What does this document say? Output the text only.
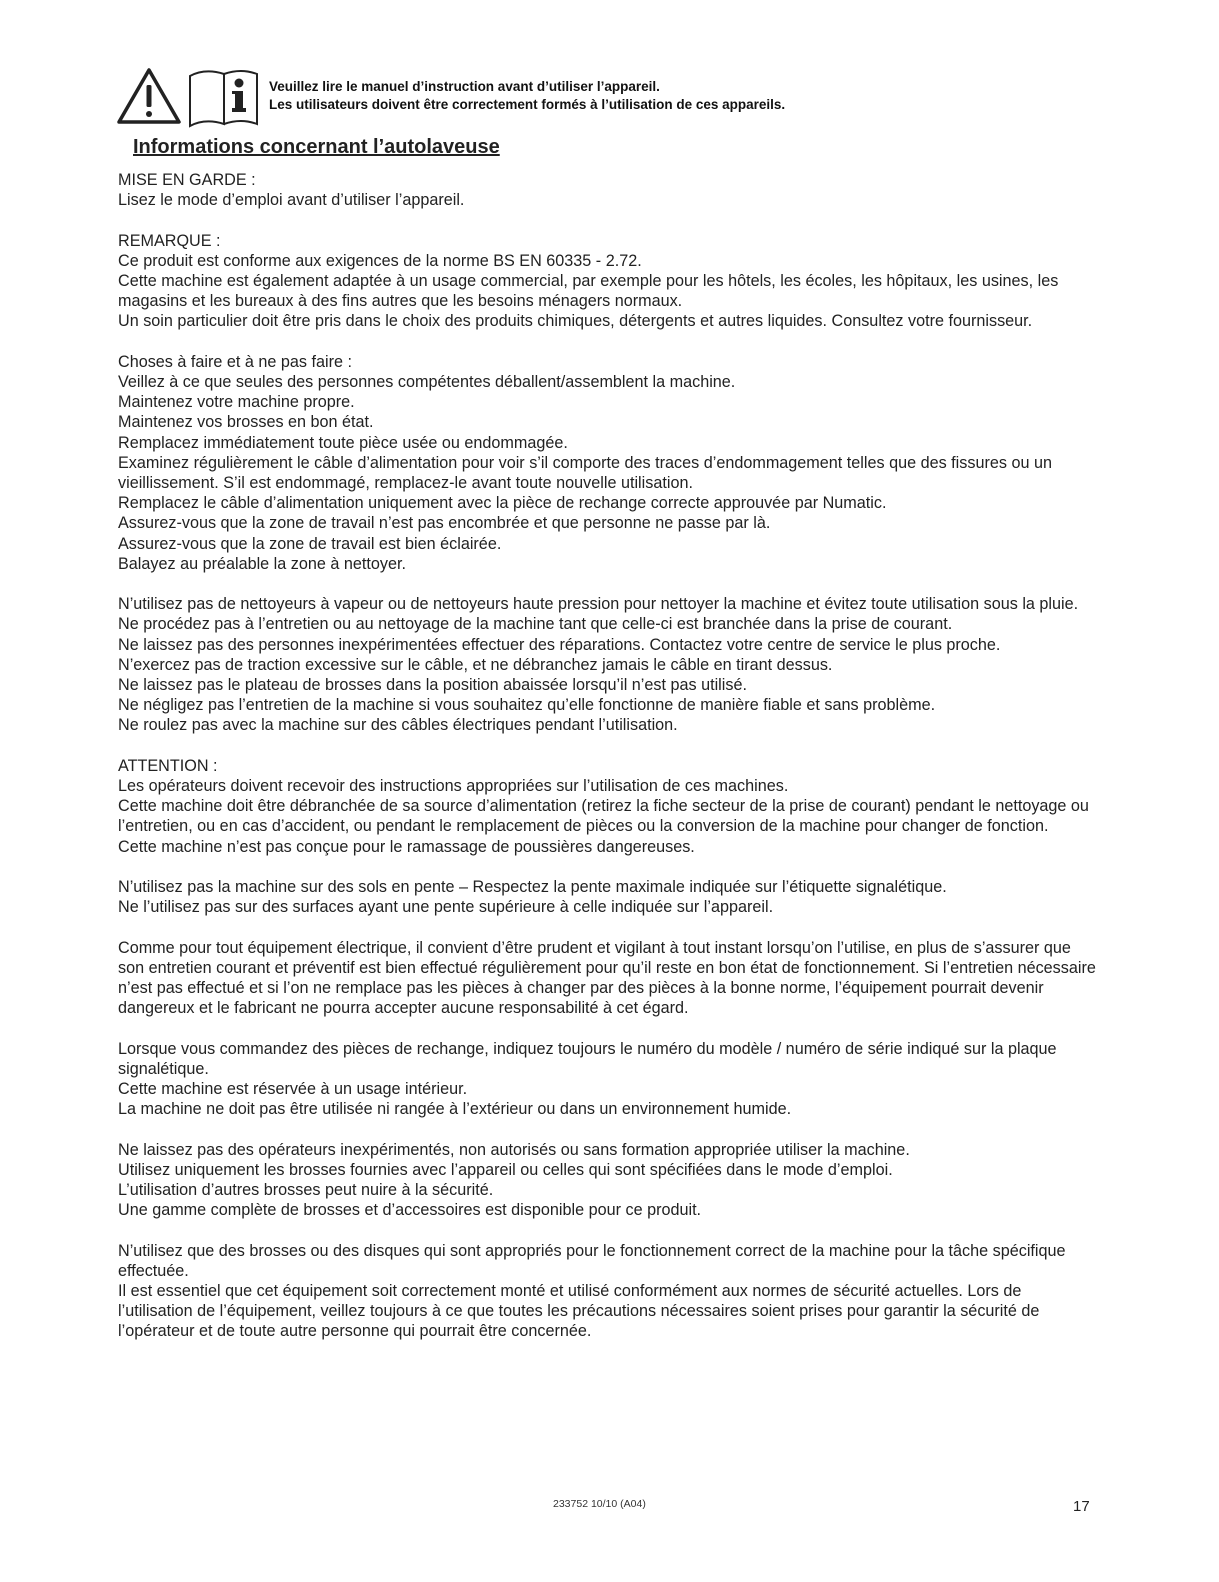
Veuillez lire le manuel d’instruction avant d’utiliser l’appareil.
Les utilisateurs doivent être correctement formés à l’utilisation de ces appareils.
Informations concernant l’autolaveuse

MISE EN GARDE :
Lisez le mode d’emploi avant d’utiliser l’appareil.

REMARQUE :
Ce produit est conforme aux exigences de la norme BS EN 60335 - 2.72.
Cette machine est également adaptée à un usage commercial, par exemple pour les hôtels, les écoles, les hôpitaux, les usines, les magasins et les bureaux à des fins autres que les besoins ménagers normaux.
Un soin particulier doit être pris dans le choix des produits chimiques, détergents et autres liquides. Consultez votre fournisseur.

Choses à faire et à ne pas faire :
Veillez à ce que seules des personnes compétentes déballent/assemblent la machine.
Maintenez votre machine propre.
Maintenez vos brosses en bon état.
Remplacez immédiatement toute pièce usée ou endommagée.
Examinez régulièrement le câble d’alimentation pour voir s’il comporte des traces d’endommagement telles que des fissures ou un vieillissement. S’il est endommagé, remplacez-le avant toute nouvelle utilisation.
Remplacez le câble d’alimentation uniquement avec la pièce de rechange correcte approuvée par Numatic.
Assurez-vous que la zone de travail n’est pas encombrée et que personne ne passe par là.
Assurez-vous que la zone de travail est bien éclairée.
Balayez au préalable la zone à nettoyer.

N’utilisez pas de nettoyeurs à vapeur ou de nettoyeurs haute pression pour nettoyer la machine et évitez toute utilisation sous la pluie.
Ne procédez pas à l’entretien ou au nettoyage de la machine tant que celle-ci est branchée dans la prise de courant.
Ne laissez pas des personnes inexpérimentées effectuer des réparations. Contactez votre centre de service le plus proche.
N’exercez pas de traction excessive sur le câble, et ne débranchez jamais le câble en tirant dessus.
Ne laissez pas le plateau de brosses dans la position abaissée lorsqu’il n’est pas utilisé.
Ne négligez pas l’entretien de la machine si vous souhaitez qu’elle fonctionne de manière fiable et sans problème.
Ne roulez pas avec la machine sur des câbles électriques pendant l’utilisation.

ATTENTION :
Les opérateurs doivent recevoir des instructions appropriées sur l’utilisation de ces machines.
Cette machine doit être débranchée de sa source d’alimentation (retirez la fiche secteur de la prise de courant) pendant le nettoyage ou l’entretien, ou en cas d’accident, ou pendant le remplacement de pièces ou la conversion de la machine pour changer de fonction.
Cette machine n’est pas conçue pour le ramassage de poussières dangereuses.

N’utilisez pas la machine sur des sols en pente – Respectez la pente maximale indiquée sur l’étiquette signalétique.
Ne l’utilisez pas sur des surfaces ayant une pente supérieure à celle indiquée sur l’appareil.

Comme pour tout équipement électrique, il convient d’être prudent et vigilant à tout instant lorsqu’on l’utilise, en plus de s’assurer que son entretien courant et préventif est bien effectué régulièrement pour qu’il reste en bon état de fonctionnement. Si l’entretien nécessaire n’est pas effectué et si l’on ne remplace pas les pièces à changer par des pièces à la bonne norme, l’équipement pourrait devenir dangereux et le fabricant ne pourra accepter aucune responsabilité à cet égard.

Lorsque vous commandez des pièces de rechange, indiquez toujours le numéro du modèle / numéro de série indiqué sur la plaque signalétique.
Cette machine est réservée à un usage intérieur.
La machine ne doit pas être utilisée ni rangée à l’extérieur ou dans un environnement humide.

Ne laissez pas des opérateurs inexpérimentés, non autorisés ou sans formation appropriée utiliser la machine.
Utilisez uniquement les brosses fournies avec l’appareil ou celles qui sont spécifiées dans le mode d’emploi.
L’utilisation d’autres brosses peut nuire à la sécurité.
Une gamme complète de brosses et d’accessoires est disponible pour ce produit.

N’utilisez que des brosses ou des disques qui sont appropriés pour le fonctionnement correct de la machine pour la tâche spécifique effectuée.
Il est essentiel que cet équipement soit correctement monté et utilisé conformément aux normes de sécurité actuelles. Lors de l’utilisation de l’équipement, veillez toujours à ce que toutes les précautions nécessaires soient prises pour garantir la sécurité de l’opérateur et de toute autre personne qui pourrait être concernée.

233752 10/10 (A04)	17
